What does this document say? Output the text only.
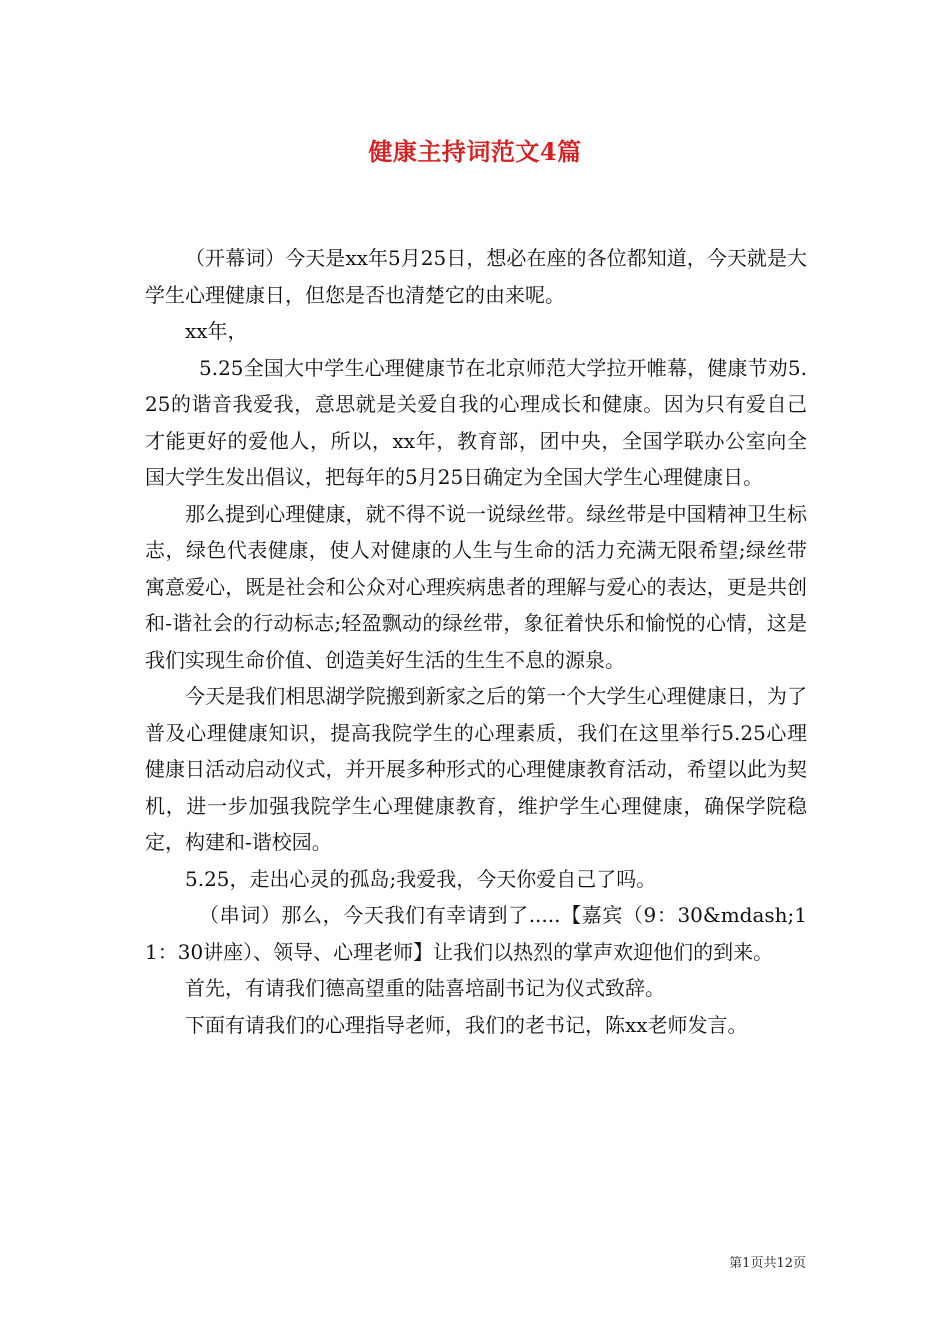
健康主持词范文4篇

（开幕词）今天是xx年5月25日，想必在座的各位都知道，今天就是大学生心理健康日，但您是否也清楚它的由来呢。

xx年，

5.25全国大中学生心理健康节在北京师范大学拉开帷幕，健康节劝5.25的谐音我爱我，意思就是关爱自我的心理成长和健康。因为只有爱自己才能更好的爱他人，所以，xx年，教育部，团中央，全国学联办公室向全国大学生发出倡议，把每年的5月25日确定为全国大学生心理健康日。

那么提到心理健康，就不得不说一说绿丝带。绿丝带是中国精神卫生标志，绿色代表健康，使人对健康的人生与生命的活力充满无限希望;绿丝带寓意爱心，既是社会和公众对心理疾病患者的理解与爱心的表达，更是共创和-谐社会的行动标志;轻盈飘动的绿丝带，象征着快乐和愉悦的心情，这是我们实现生命价值、创造美好生活的生生不息的源泉。

今天是我们相思湖学院搬到新家之后的第一个大学生心理健康日，为了普及心理健康知识，提高我院学生的心理素质，我们在这里举行5.25心理健康日活动启动仪式，并开展多种形式的心理健康教育活动，希望以此为契机，进一步加强我院学生心理健康教育，维护学生心理健康，确保学院稳定，构建和-谐校园。

5.25，走出心灵的孤岛;我爱我，今天你爱自己了吗。

（串词）那么，今天我们有幸请到了.....【嘉宾（9：30&mdash;11：30讲座）、领导、心理老师】让我们以热烈的掌声欢迎他们的到来。

首先，有请我们德高望重的陆喜培副书记为仪式致辞。

下面有请我们的心理指导老师，我们的老书记，陈xx老师发言。

第1页共12页
